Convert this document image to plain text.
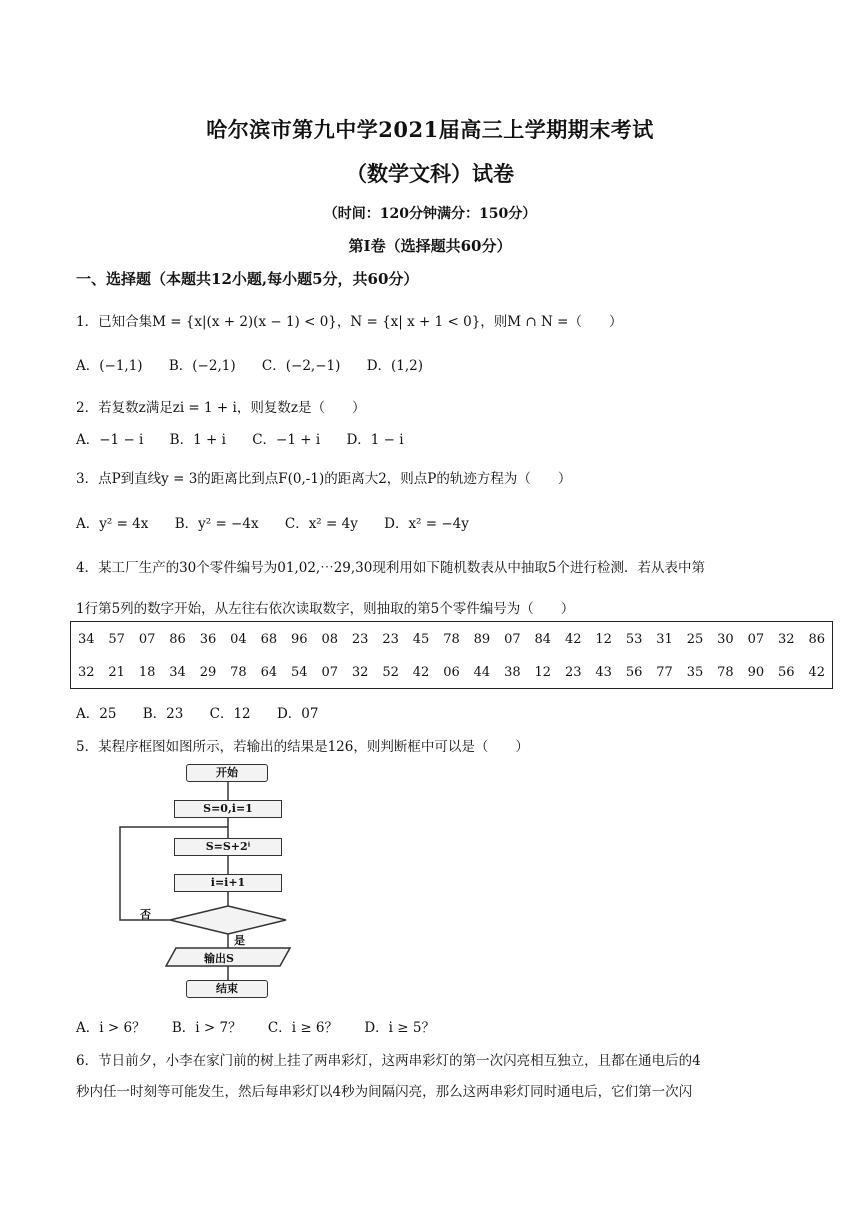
哈尔滨市第九中学2021届高三上学期期末考试
（数学文科）试卷
（时间：120分钟满分：150分）
第Ⅰ卷（选择题共60分）
一、选择题（本题共12小题,每小题5分，共60分）
1．已知合集M = {x|(x + 2)(x − 1) < 0}，N = {x| x + 1 < 0}，则M ∩ N =（　　）
A．(−1,1) B．(−2,1) C．(−2,−1) D．(1,2)
2．若复数z满足zi = 1 + i，则复数z是（　　）
A．−1 − i B．1 + i C．−1 + i D．1 − i
3．点P到直线y = 3的距离比到点F(0,-1)的距离大2，则点P的轨迹方程为（　　）
A．y² = 4x B．y² = −4x C．x² = 4y D．x² = −4y
4．某工厂生产的30个零件编号为01,02,⋯29,30现利用如下随机数表从中抽取5个进行检测．若从表中第
1行第5列的数字开始，从左往右依次读取数字，则抽取的第5个零件编号为（　　）
34	57	07	86	36	04	68	96	08	23	23	45	78	89	07	84	42	12	53	31	25	30	07	32	86
32	21	18	34	29	78	64	54	07	32	52	42	06	44	38	12	23	43	56	77	35	78	90	56	42
A．25 B．23 C．12 D．07
5．某程序框图如图所示，若输出的结果是126，则判断框中可以是（　　）
开始
S=0,i=1
S=S+2ⁱ
i=i+1
否
是
输出S
结束
A．i > 6？ B．i > 7？ C．i ≥ 6？ D．i ≥ 5？
6．节日前夕，小李在家门前的树上挂了两串彩灯，这两串彩灯的第一次闪亮相互独立，且都在通电后的4
秒内任一时刻等可能发生，然后每串彩灯以4秒为间隔闪亮，那么这两串彩灯同时通电后，它们第一次闪
